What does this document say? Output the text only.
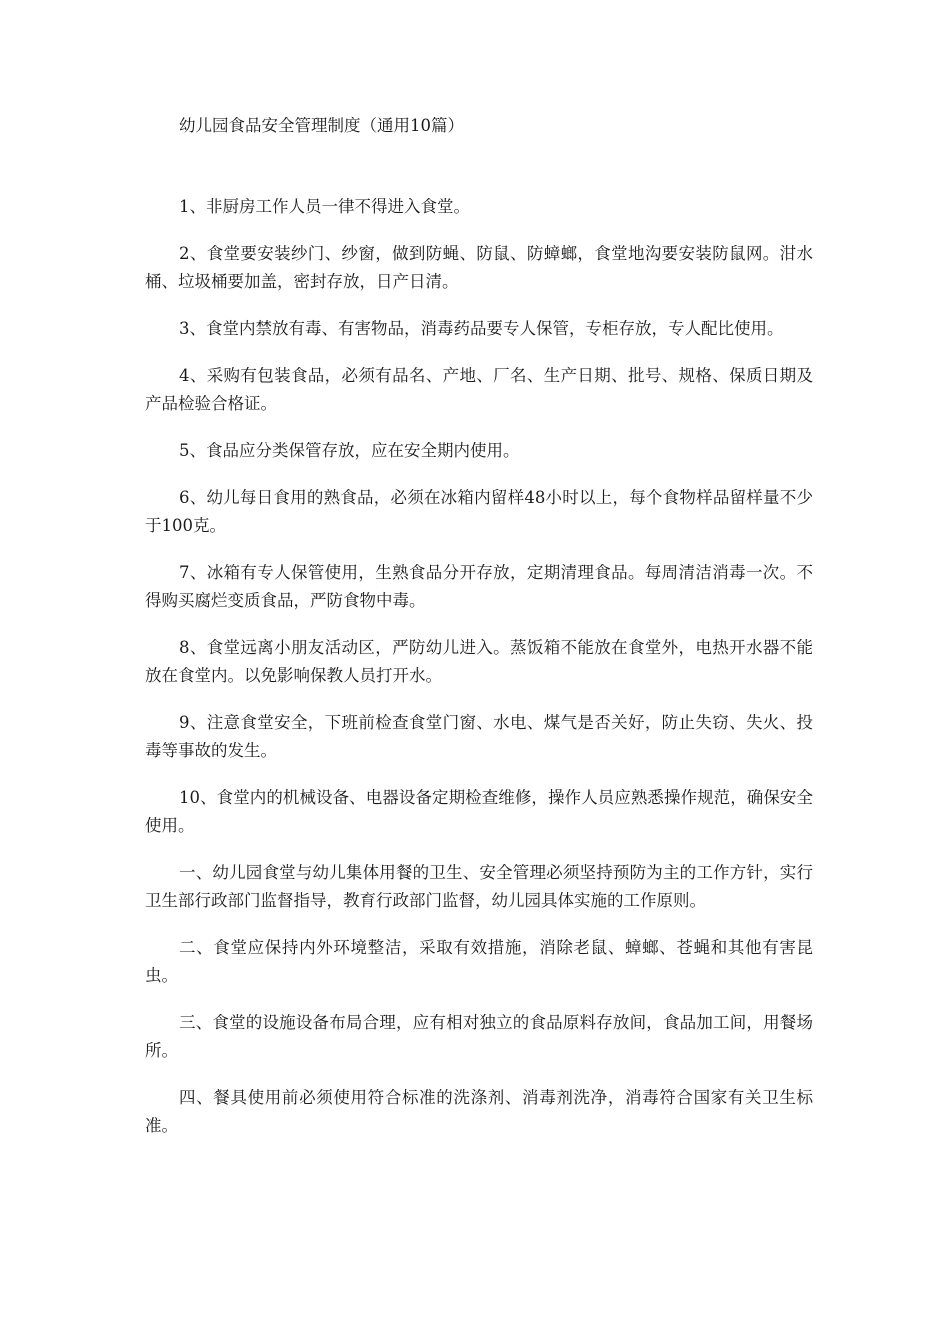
幼儿园食品安全管理制度（通用10篇）

1、非厨房工作人员一律不得进入食堂。

2、食堂要安装纱门、纱窗，做到防蝇、防鼠、防蟑螂，食堂地沟要安装防鼠网。泔水桶、垃圾桶要加盖，密封存放，日产日清。

3、食堂内禁放有毒、有害物品，消毒药品要专人保管，专柜存放，专人配比使用。

4、采购有包装食品，必须有品名、产地、厂名、生产日期、批号、规格、保质日期及产品检验合格证。

5、食品应分类保管存放，应在安全期内使用。

6、幼儿每日食用的熟食品，必须在冰箱内留样48小时以上，每个食物样品留样量不少于100克。

7、冰箱有专人保管使用，生熟食品分开存放，定期清理食品。每周清洁消毒一次。不得购买腐烂变质食品，严防食物中毒。

8、食堂远离小朋友活动区，严防幼儿进入。蒸饭箱不能放在食堂外，电热开水器不能放在食堂内。以免影响保教人员打开水。

9、注意食堂安全，下班前检查食堂门窗、水电、煤气是否关好，防止失窃、失火、投毒等事故的发生。

10、食堂内的机械设备、电器设备定期检查维修，操作人员应熟悉操作规范，确保安全使用。

一、幼儿园食堂与幼儿集体用餐的卫生、安全管理必须坚持预防为主的工作方针，实行卫生部行政部门监督指导，教育行政部门监督，幼儿园具体实施的工作原则。

二、食堂应保持内外环境整洁，采取有效措施，消除老鼠、蟑螂、苍蝇和其他有害昆虫。

三、食堂的设施设备布局合理，应有相对独立的食品原料存放间，食品加工间，用餐场所。

四、餐具使用前必须使用符合标准的洗涤剂、消毒剂洗净，消毒符合国家有关卫生标准。
